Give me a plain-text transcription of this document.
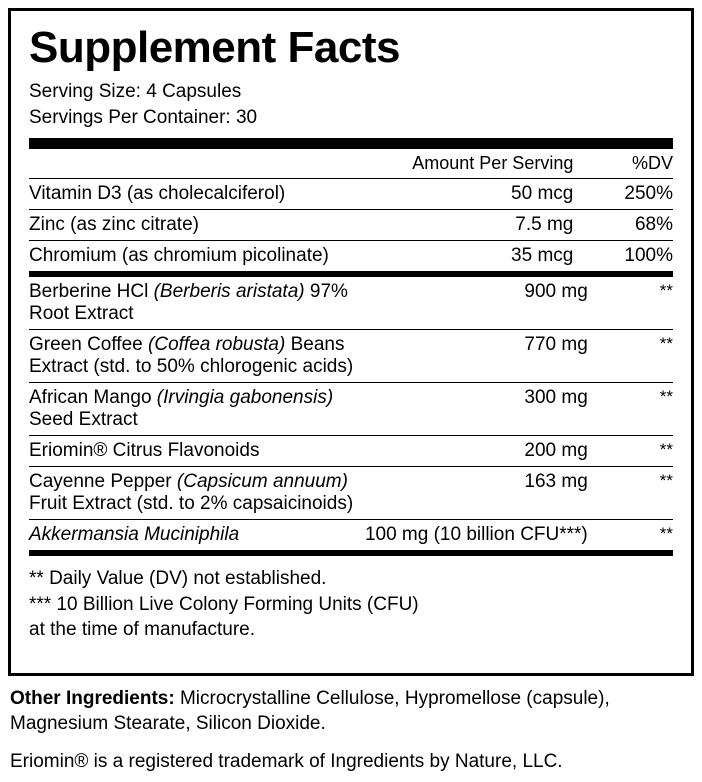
Supplement Facts
Serving Size: 4 Capsules
Servings Per Container: 30
	Amount Per Serving	%DV
Vitamin D3 (as cholecalciferol)	50 mcg	250%
Zinc (as zinc citrate)	7.5 mg	68%
Chromium (as chromium picolinate)	35 mcg	100%
Berberine HCl (Berberis aristata) 97% Root Extract	900 mg	**
Green Coffee (Coffea robusta) Beans Extract (std. to 50% chlorogenic acids)	770 mg	**
African Mango (Irvingia gabonensis) Seed Extract	300 mg	**
Eriomin® Citrus Flavonoids	200 mg	**
Cayenne Pepper (Capsicum annuum) Fruit Extract (std. to 2% capsaicinoids)	163 mg	**
Akkermansia Muciniphila	100 mg (10 billion CFU***)	**
** Daily Value (DV) not established.
*** 10 Billion Live Colony Forming Units (CFU)
at the time of manufacture.
Other Ingredients: Microcrystalline Cellulose, Hypromellose (capsule), Magnesium Stearate, Silicon Dioxide.
Eriomin® is a registered trademark of Ingredients by Nature, LLC.
